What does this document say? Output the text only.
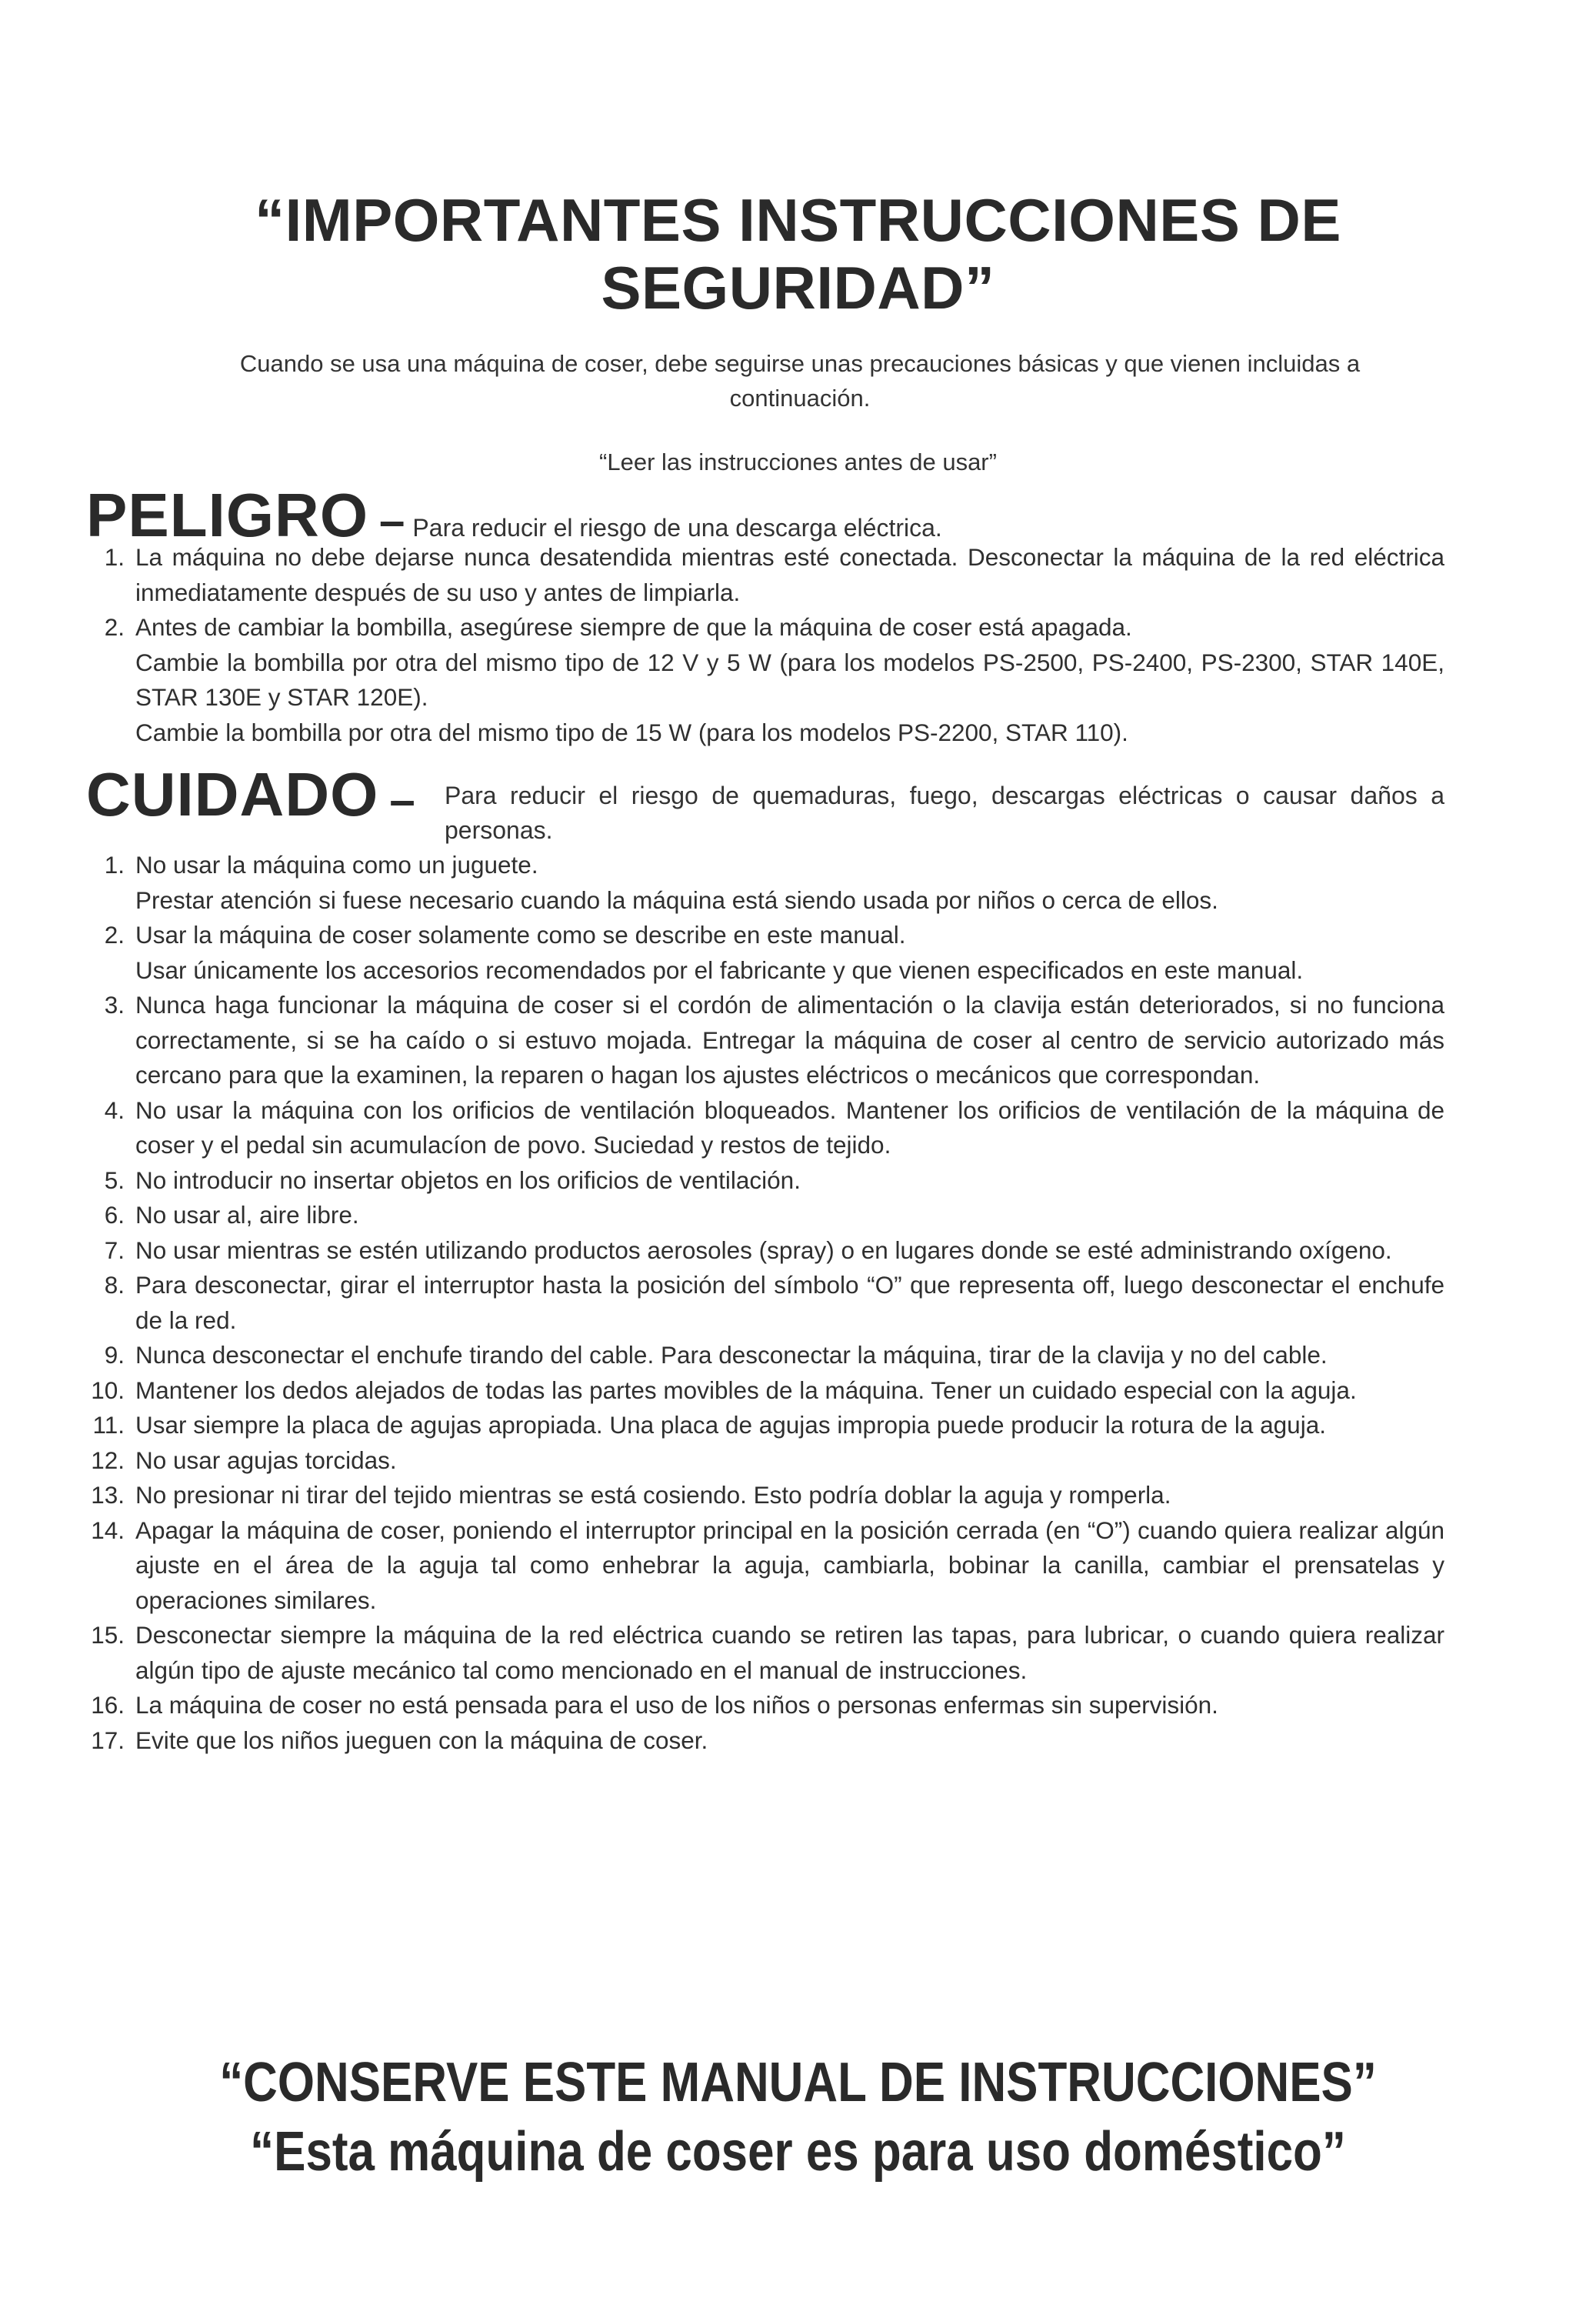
“IMPORTANTES INSTRUCCIONES DE
SEGURIDAD”
Cuando se usa una máquina de coser, debe seguirse unas precauciones básicas y que vienen incluidas a continuación.
“Leer las instrucciones antes de usar”
PELIGRO – Para reducir el riesgo de una descarga eléctrica.
1. La máquina no debe dejarse nunca desatendida mientras esté conectada. Desconectar la máquina de la red eléctrica inmediatamente después de su uso y antes de limpiarla.
2. Antes de cambiar la bombilla, asegúrese siempre de que la máquina de coser está apagada.
Cambie la bombilla por otra del mismo tipo de 12 V y 5 W (para los modelos PS-2500, PS-2400, PS-2300, STAR 140E, STAR 130E y STAR 120E).
Cambie la bombilla por otra del mismo tipo de 15 W (para los modelos PS-2200, STAR 110).
CUIDADO –	Para reducir el riesgo de quemaduras, fuego, descargas eléctricas o causar daños a personas.
1. No usar la máquina como un juguete.
Prestar atención si fuese necesario cuando la máquina está siendo usada por niños o cerca de ellos.
2. Usar la máquina de coser solamente como se describe en este manual.
Usar únicamente los accesorios recomendados por el fabricante y que vienen especificados en este manual.
3. Nunca haga funcionar la máquina de coser si el cordón de alimentación o la clavija están deteriorados, si no funciona correctamente, si se ha caído o si estuvo mojada. Entregar la máquina de coser al centro de servicio autorizado más cercano para que la examinen, la reparen o hagan los ajustes eléctricos o mecánicos que correspondan.
4. No usar la máquina con los orificios de ventilación bloqueados. Mantener los orificios de ventilación de la máquina de coser y el pedal sin acumulacíon de povo. Suciedad y restos de tejido.
5. No introducir no insertar objetos en los orificios de ventilación.
6. No usar al, aire libre.
7. No usar mientras se estén utilizando productos aerosoles (spray) o en lugares donde se esté administrando oxígeno.
8. Para desconectar, girar el interruptor hasta la posición del símbolo “O” que representa off, luego desconectar el enchufe de la red.
9. Nunca desconectar el enchufe tirando del cable. Para desconectar la máquina, tirar de la clavija y no del cable.
10. Mantener los dedos alejados de todas las partes movibles de la máquina. Tener un cuidado especial con la aguja.
11. Usar siempre la placa de agujas apropiada. Una placa de agujas impropia puede producir la rotura de la aguja.
12. No usar agujas torcidas.
13. No presionar ni tirar del tejido mientras se está cosiendo. Esto podría doblar la aguja y romperla.
14. Apagar la máquina de coser, poniendo el interruptor principal en la posición cerrada (en “O”) cuando quiera realizar algún ajuste en el área de la aguja tal como enhebrar la aguja, cambiarla, bobinar la canilla, cambiar el prensatelas y operaciones similares.
15. Desconectar siempre la máquina de la red eléctrica cuando se retiren las tapas, para lubricar, o cuando quiera realizar algún tipo de ajuste mecánico tal como mencionado en el manual de instrucciones.
16. La máquina de coser no está pensada para el uso de los niños o personas enfermas sin supervisión.
17. Evite que los niños jueguen con la máquina de coser.
“CONSERVE ESTE MANUAL DE INSTRUCCIONES”
“Esta máquina de coser es para uso doméstico”
